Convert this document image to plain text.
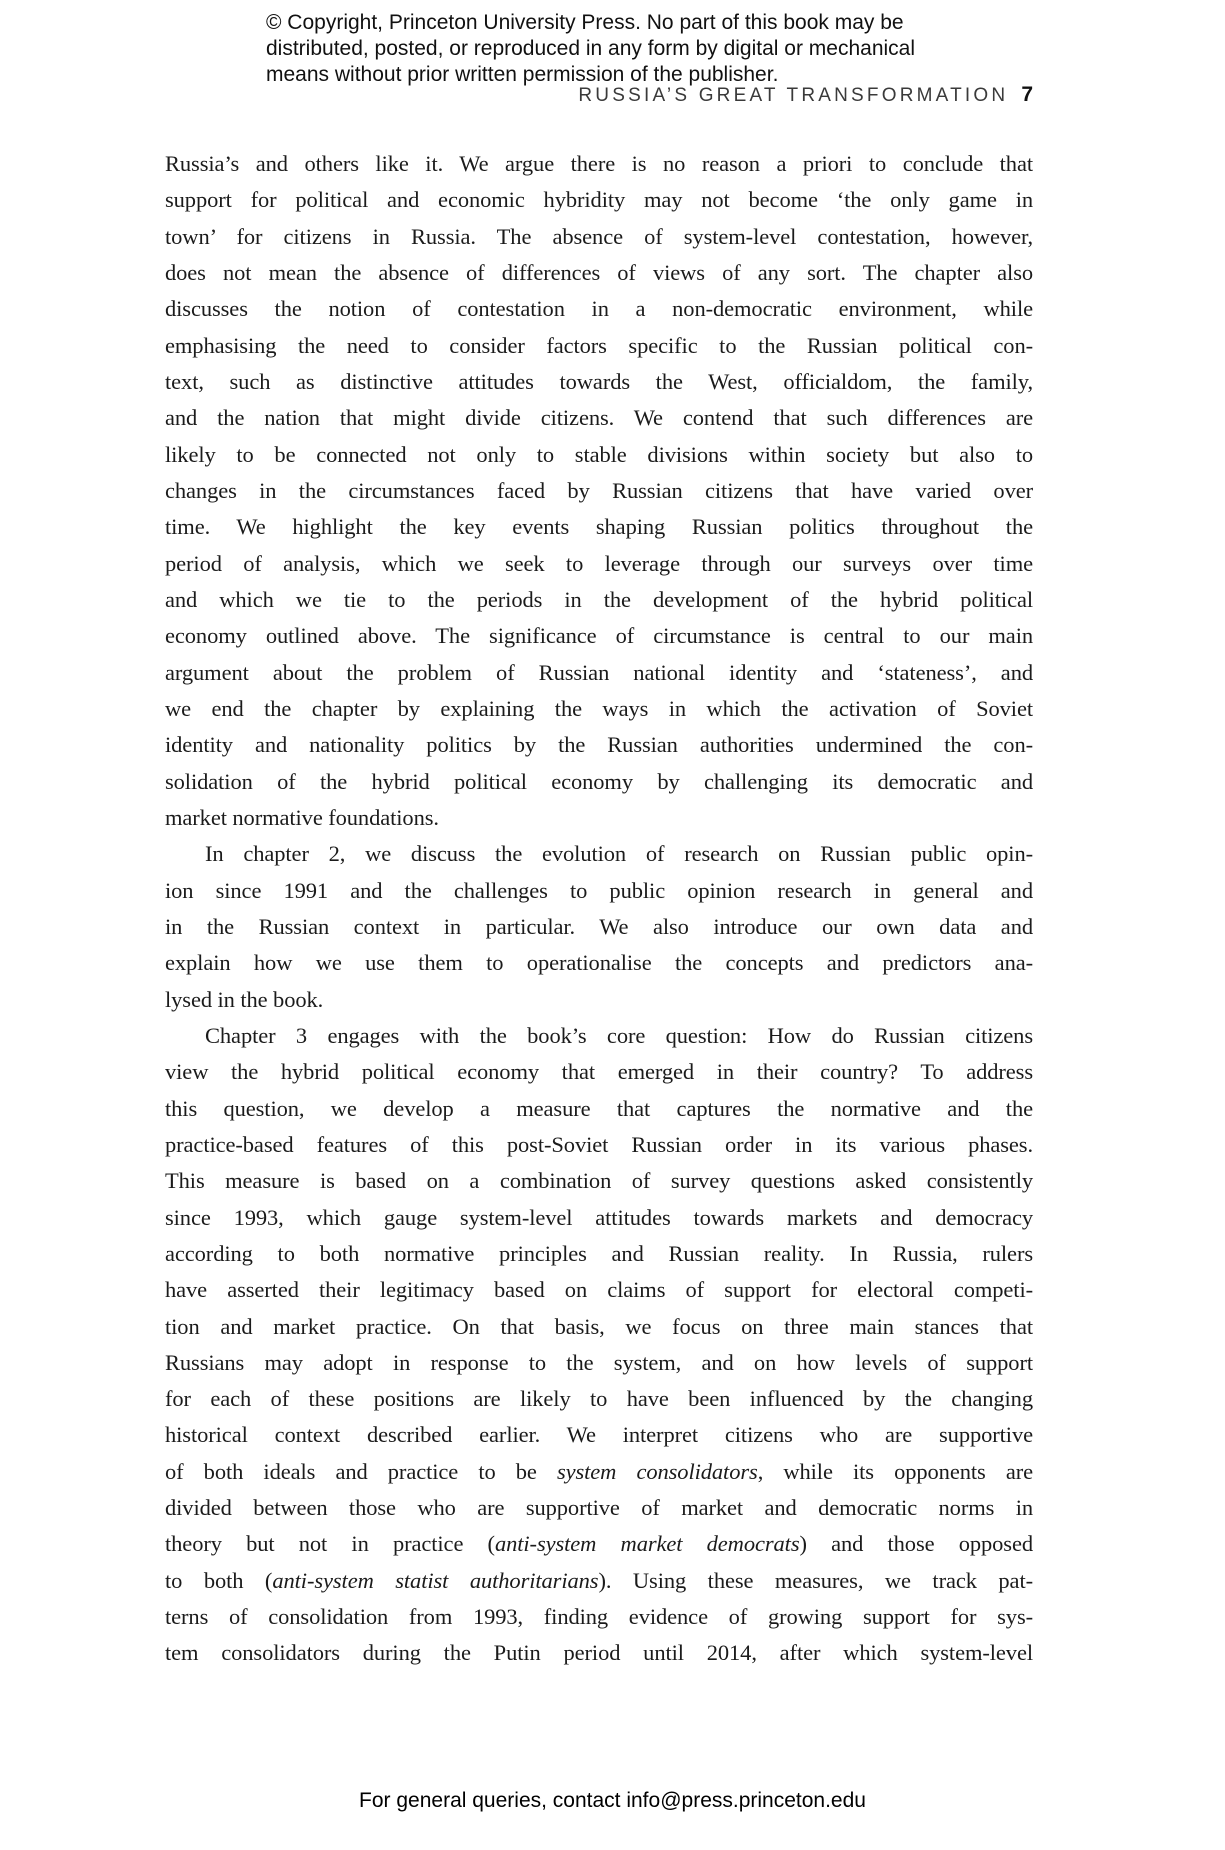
© Copyright, Princeton University Press. No part of this book may be
distributed, posted, or reproduced in any form by digital or mechanical
means without prior written permission of the publisher.
RUSSIA’S GREAT TRANSFORMATION 7
Russia’s and others like it. We argue there is no reason a priori to conclude that
support for political and economic hybridity may not become ‘the only game in
town’ for citizens in Russia. The absence of system-level contestation, however,
does not mean the absence of differences of views of any sort. The chapter also
discusses the notion of contestation in a non-democratic environment, while
emphasising the need to consider factors specific to the Russian political con-
text, such as distinctive attitudes towards the West, officialdom, the family,
and the nation that might divide citizens. We contend that such differences are
likely to be connected not only to stable divisions within society but also to
changes in the circumstances faced by Russian citizens that have varied over
time. We highlight the key events shaping Russian politics throughout the
period of analysis, which we seek to leverage through our surveys over time
and which we tie to the periods in the development of the hybrid political
economy outlined above. The significance of circumstance is central to our main
argument about the problem of Russian national identity and ‘stateness’, and
we end the chapter by explaining the ways in which the activation of Soviet
identity and nationality politics by the Russian authorities undermined the con-
solidation of the hybrid political economy by challenging its democratic and
market normative foundations.
In chapter 2, we discuss the evolution of research on Russian public opin-
ion since 1991 and the challenges to public opinion research in general and
in the Russian context in particular. We also introduce our own data and
explain how we use them to operationalise the concepts and predictors ana-
lysed in the book.
Chapter 3 engages with the book’s core question: How do Russian citizens
view the hybrid political economy that emerged in their country? To address
this question, we develop a measure that captures the normative and the
practice-based features of this post-Soviet Russian order in its various phases.
This measure is based on a combination of survey questions asked consistently
since 1993, which gauge system-level attitudes towards markets and democracy
according to both normative principles and Russian reality. In Russia, rulers
have asserted their legitimacy based on claims of support for electoral competi-
tion and market practice. On that basis, we focus on three main stances that
Russians may adopt in response to the system, and on how levels of support
for each of these positions are likely to have been influenced by the changing
historical context described earlier. We interpret citizens who are supportive
of both ideals and practice to be system consolidators, while its opponents are
divided between those who are supportive of market and democratic norms in
theory but not in practice (anti-system market democrats) and those opposed
to both (anti-system statist authoritarians). Using these measures, we track pat-
terns of consolidation from 1993, finding evidence of growing support for sys-
tem consolidators during the Putin period until 2014, after which system-level
For general queries, contact info@press.princeton.edu
